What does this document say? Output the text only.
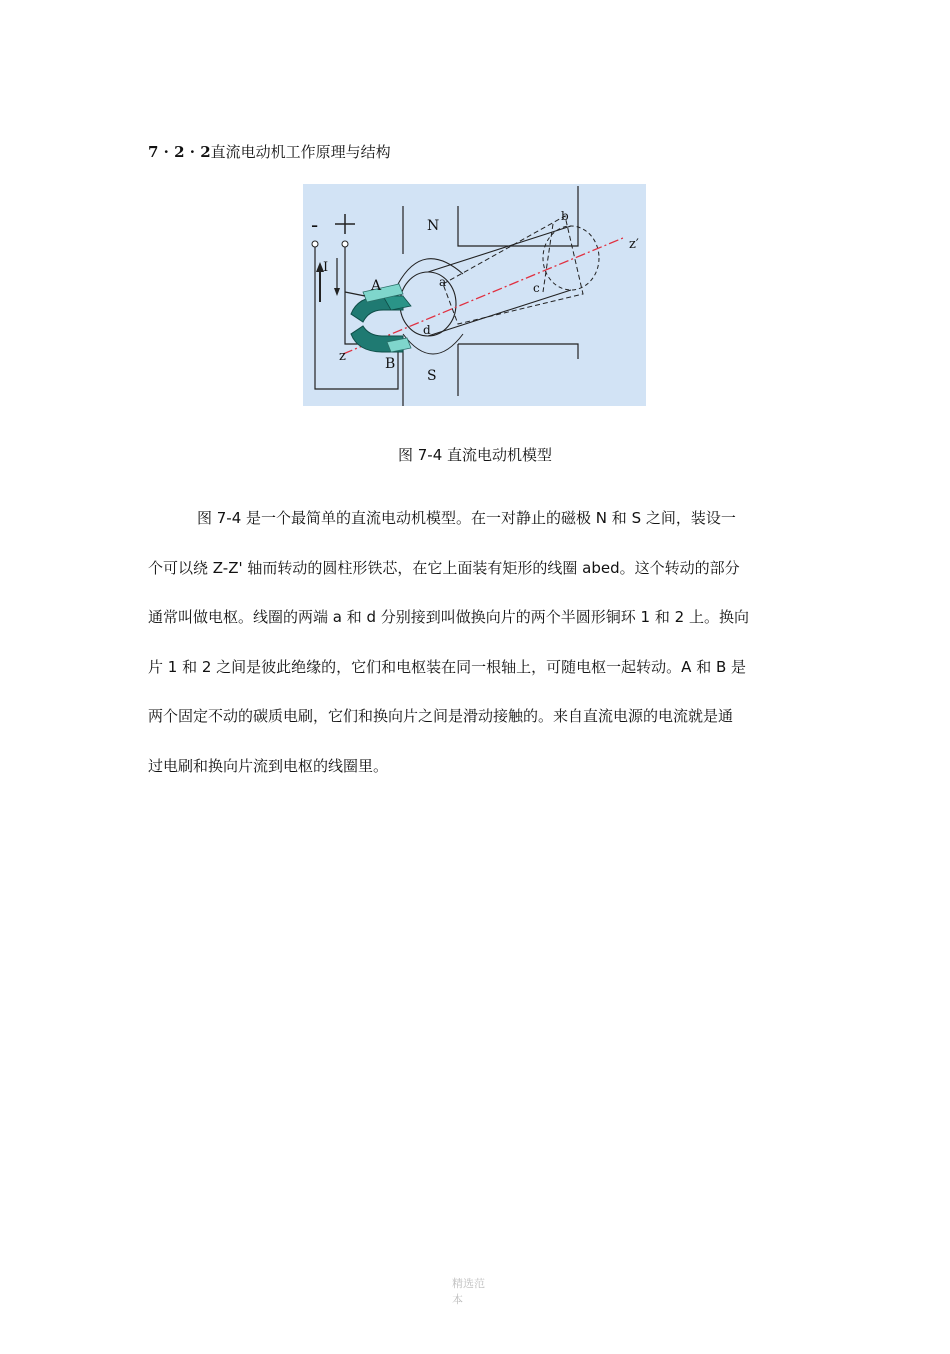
7 · 2 · 2直流电动机工作原理与结构
-
I
N
S
A
B
z
z′
a
b
c
d
图 7-4 直流电动机模型
图 7-4 是一个最简单的直流电动机模型。在一对静止的磁极 N 和 S 之间，装设一
个可以绕 Z-Z' 轴而转动的圆柱形铁芯，在它上面装有矩形的线圈 abed。这个转动的部分
通常叫做电枢。线圈的两端 a 和 d 分别接到叫做换向片的两个半圆形铜环 1 和 2 上。换向
片 1 和 2 之间是彼此绝缘的，它们和电枢装在同一根轴上，可随电枢一起转动。A 和 B 是
两个固定不动的碳质电刷，它们和换向片之间是滑动接触的。来自直流电源的电流就是通
过电刷和换向片流到电枢的线圈里。
精选范
本
